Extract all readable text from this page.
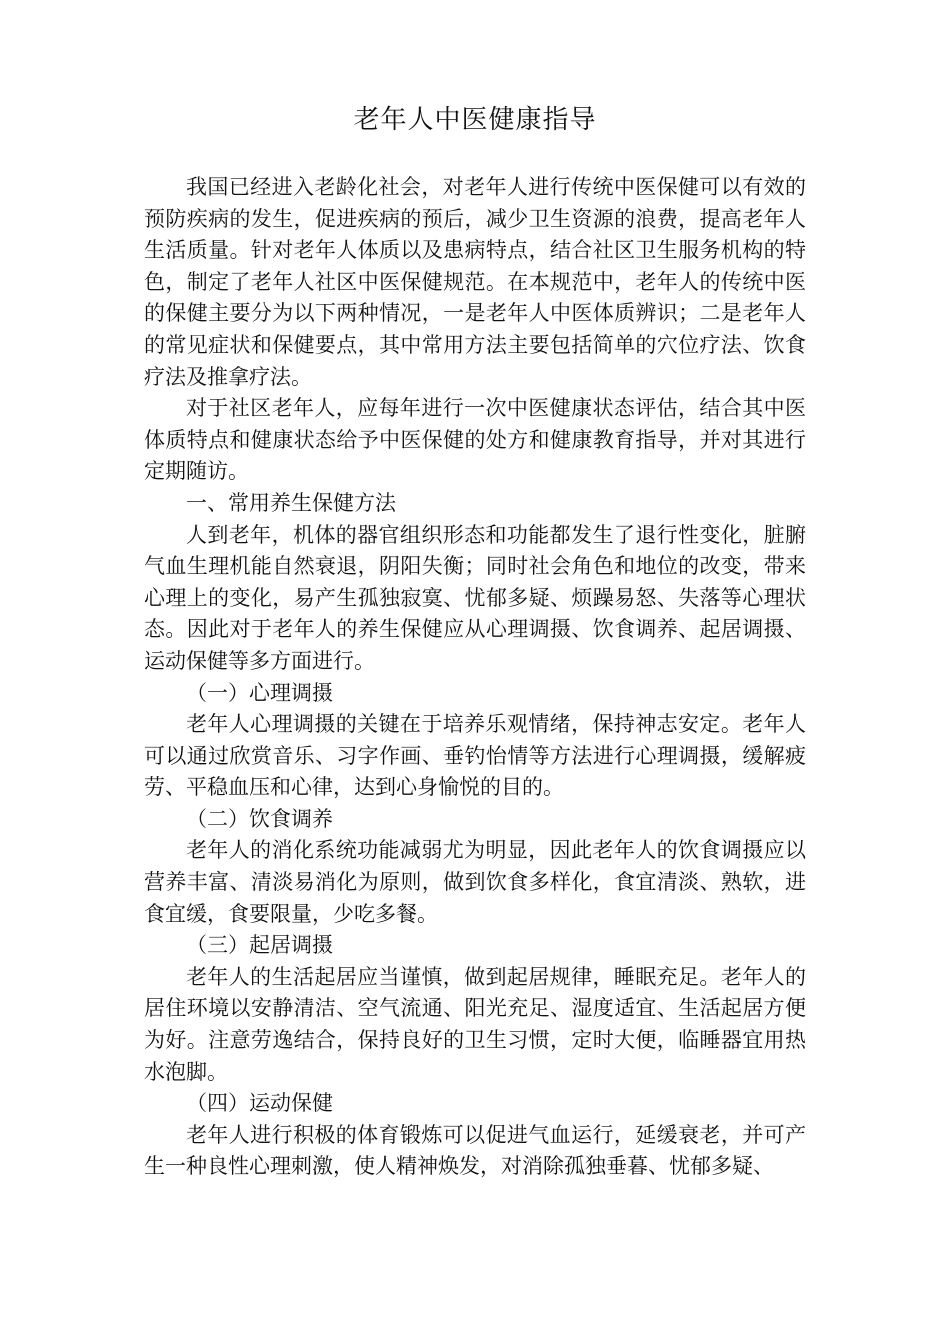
老年人中医健康指导

我国已经进入老龄化社会，对老年人进行传统中医保健可以有效的预防疾病的发生，促进疾病的预后，减少卫生资源的浪费，提高老年人生活质量。针对老年人体质以及患病特点，结合社区卫生服务机构的特色，制定了老年人社区中医保健规范。在本规范中，老年人的传统中医的保健主要分为以下两种情况，一是老年人中医体质辨识；二是老年人的常见症状和保健要点，其中常用方法主要包括简单的穴位疗法、饮食疗法及推拿疗法。

对于社区老年人，应每年进行一次中医健康状态评估，结合其中医体质特点和健康状态给予中医保健的处方和健康教育指导，并对其进行定期随访。

一、常用养生保健方法

人到老年，机体的器官组织形态和功能都发生了退行性变化，脏腑气血生理机能自然衰退，阴阳失衡；同时社会角色和地位的改变，带来心理上的变化，易产生孤独寂寞、忧郁多疑、烦躁易怒、失落等心理状态。因此对于老年人的养生保健应从心理调摄、饮食调养、起居调摄、运动保健等多方面进行。

（一）心理调摄

老年人心理调摄的关键在于培养乐观情绪，保持神志安定。老年人可以通过欣赏音乐、习字作画、垂钓怡情等方法进行心理调摄，缓解疲劳、平稳血压和心律，达到心身愉悦的目的。

（二）饮食调养

老年人的消化系统功能减弱尤为明显，因此老年人的饮食调摄应以营养丰富、清淡易消化为原则，做到饮食多样化，食宜清淡、熟软，进食宜缓，食要限量，少吃多餐。

（三）起居调摄

老年人的生活起居应当谨慎，做到起居规律，睡眠充足。老年人的居住环境以安静清洁、空气流通、阳光充足、湿度适宜、生活起居方便为好。注意劳逸结合，保持良好的卫生习惯，定时大便，临睡器宜用热水泡脚。

（四）运动保健

老年人进行积极的体育锻炼可以促进气血运行，延缓衰老，并可产生一种良性心理刺激，使人精神焕发，对消除孤独垂暮、忧郁多疑、
